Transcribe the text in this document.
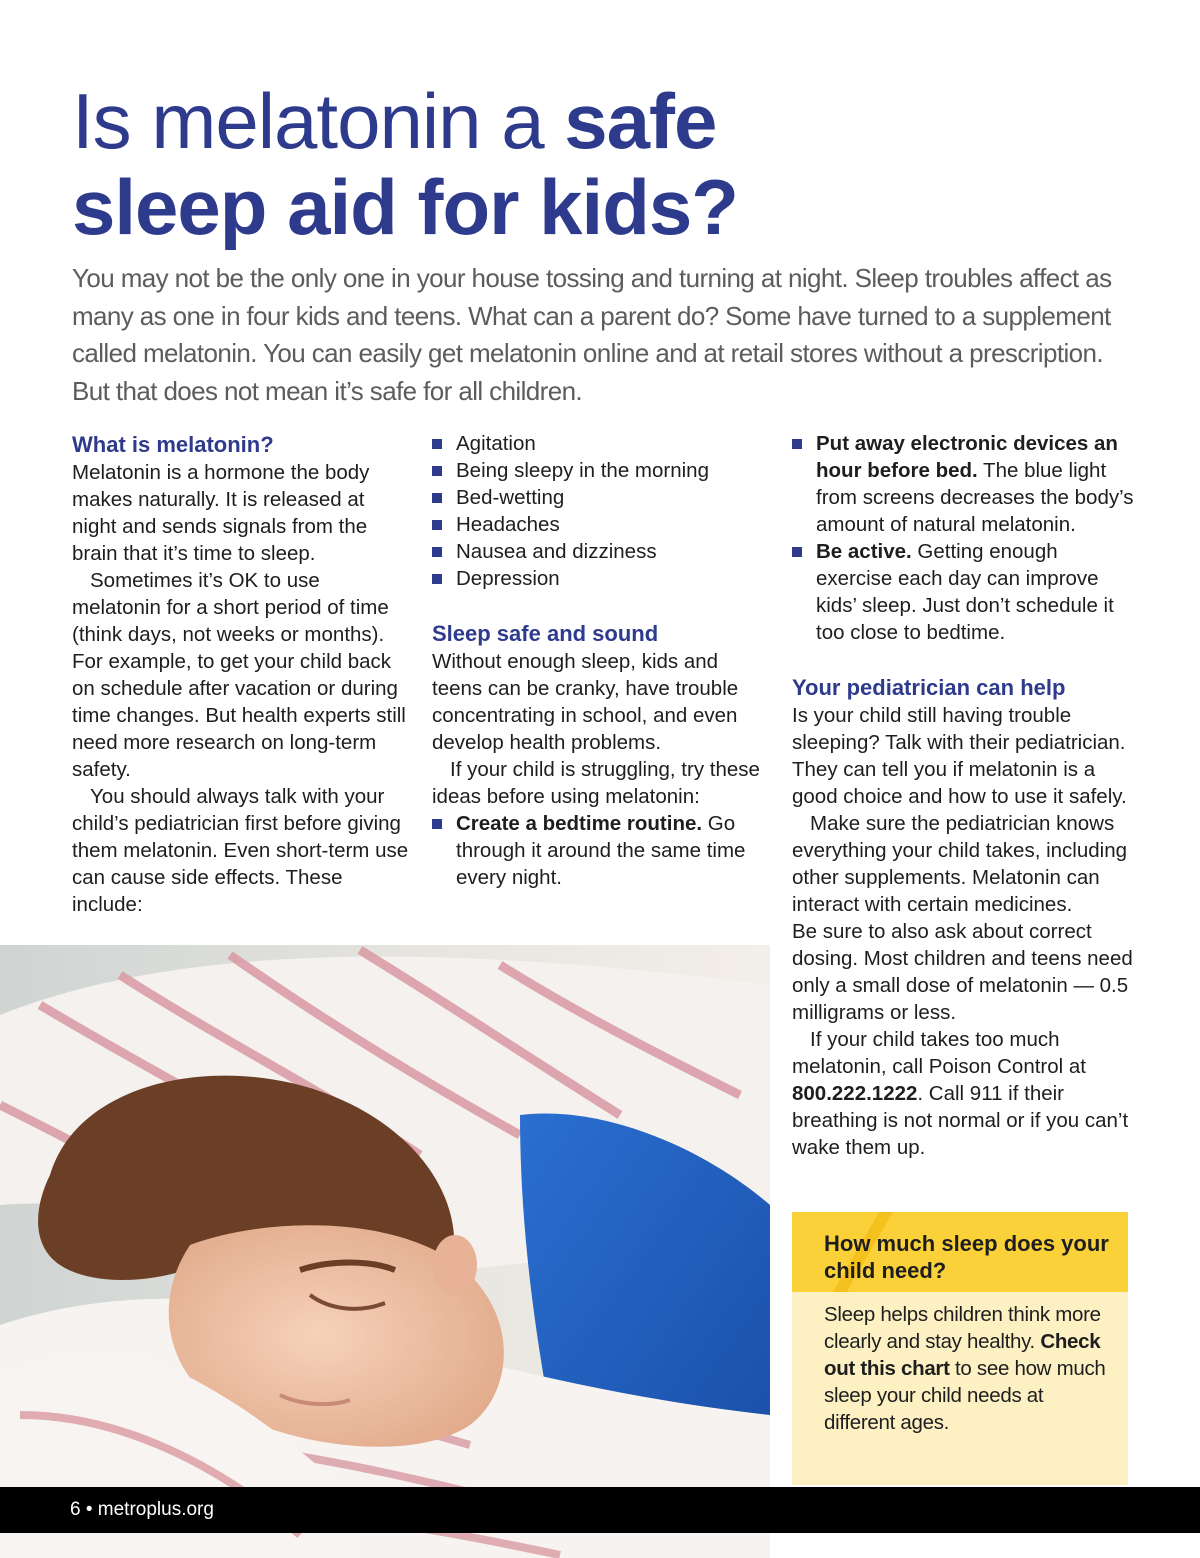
Is melatonin a safe
sleep aid for kids?

You may not be the only one in your house tossing and turning at night. Sleep troubles affect as many as one in four kids and teens. What can a parent do? Some have turned to a supplement called melatonin. You can easily get melatonin online and at retail stores without a prescription. But that does not mean it’s safe for all children.

What is melatonin?

Melatonin is a hormone the body makes naturally. It is released at night and sends signals from the brain that it’s time to sleep.

Sometimes it’s OK to use melatonin for a short period of time (think days, not weeks or months). For example, to get your child back on schedule after vacation or during time changes. But health experts still need more research on long-term safety.

You should always talk with your child’s pediatrician first before giving them melatonin. Even short-term use can cause side effects. These include:

Agitation
Being sleepy in the morning
Bed-wetting
Headaches
Nausea and dizziness
Depression
Sleep safe and sound

Without enough sleep, kids and teens can be cranky, have trouble concentrating in school, and even develop health problems.

If your child is struggling, try these ideas before using melatonin:

Create a bedtime routine. Go through it around the same time every night.
Put away electronic devices an hour before bed. The blue light from screens decreases the body’s amount of natural melatonin.
Be active. Getting enough exercise each day can improve kids’ sleep. Just don’t schedule it too close to bedtime.
Your pediatrician can help

Is your child still having trouble sleeping? Talk with their pediatrician. They can tell you if melatonin is a good choice and how to use it safely.

Make sure the pediatrician knows everything your child takes, including other supplements. Melatonin can interact with certain medicines.

Be sure to also ask about correct dosing. Most children and teens need only a small dose of melatonin — 0.5 milligrams or less.

If your child takes too much melatonin, call Poison Control at 800.222.1222. Call 911 if their breathing is not normal or if you can’t wake them up.

6 • metroplus.org
How much sleep does your child need?
Sleep helps children think more clearly and stay healthy. Check out this chart to see how much sleep your child needs at different ages.
